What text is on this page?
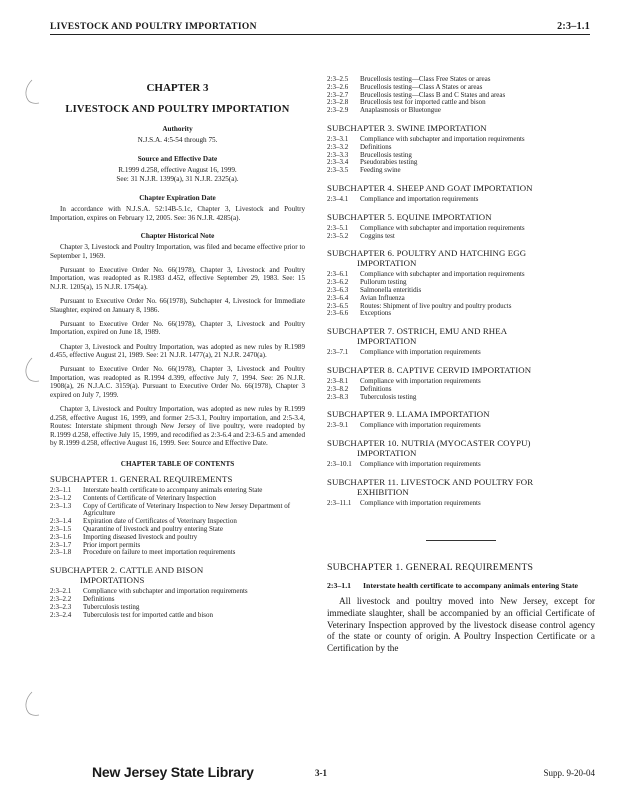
LIVESTOCK AND POULTRY IMPORTATION	2:3–1.1
CHAPTER 3
LIVESTOCK AND POULTRY IMPORTATION
Authority
N.J.S.A. 4:5-54 through 75.
Source and Effective Date
R.1999 d.258, effective August 16, 1999.
See: 31 N.J.R. 1399(a), 31 N.J.R. 2325(a).
Chapter Expiration Date
In accordance with N.J.S.A. 52:14B-5.1c, Chapter 3, Livestock and Poultry Importation, expires on February 12, 2005. See: 36 N.J.R. 4285(a).
Chapter Historical Note
Chapter 3, Livestock and Poultry Importation, was filed and became effective prior to September 1, 1969.
Pursuant to Executive Order No. 66(1978), Chapter 3, Livestock and Poultry Importation, was readopted as R.1983 d.452, effective September 29, 1983. See: 15 N.J.R. 1205(a), 15 N.J.R. 1754(a).
Pursuant to Executive Order No. 66(1978), Subchapter 4, Livestock for Immediate Slaughter, expired on January 8, 1986.
Pursuant to Executive Order No. 66(1978), Chapter 3, Livestock and Poultry Importation, expired on June 18, 1989.
Chapter 3, Livestock and Poultry Importation, was adopted as new rules by R.1989 d.455, effective August 21, 1989. See: 21 N.J.R. 1477(a), 21 N.J.R. 2470(a).
Pursuant to Executive Order No. 66(1978), Chapter 3, Livestock and Poultry Importation, was readopted as R.1994 d.399, effective July 7, 1994. See: 26 N.J.R. 1908(a), 26 N.J.A.C. 3159(a). Pursuant to Executive Order No. 66(1978), Chapter 3 expired on July 7, 1999.
Chapter 3, Livestock and Poultry Importation, was adopted as new rules by R.1999 d.258, effective August 16, 1999, and former 2:5-3.1, Poultry importation, and 2:5-3.4, Routes: Interstate shipment through New Jersey of live poultry, were readopted by R.1999 d.258, effective July 15, 1999, and recodified as 2:3-6.4 and 2:3-6.5 and amended by R.1999 d.258, effective August 16, 1999. See: Source and Effective Date.
CHAPTER TABLE OF CONTENTS
SUBCHAPTER 1. GENERAL REQUIREMENTS
2:3–1.1	Interstate health certificate to accompany animals entering State
2:3–1.2	Contents of Certificate of Veterinary Inspection
2:3–1.3	Copy of Certificate of Veterinary Inspection to New Jersey Department of Agriculture
2:3–1.4	Expiration date of Certificates of Veterinary Inspection
2:3–1.5	Quarantine of livestock and poultry entering State
2:3–1.6	Importing diseased livestock and poultry
2:3–1.7	Prior import permits
2:3–1.8	Procedure on failure to meet importation requirements
SUBCHAPTER 2. CATTLE AND BISON
IMPORTATIONS
2:3–2.1	Compliance with subchapter and importation requirements
2:3–2.2	Definitions
2:3–2.3	Tuberculosis testing
2:3–2.4	Tuberculosis test for imported cattle and bison
2:3–2.5	Brucellosis testing—Class Free States or areas
2:3–2.6	Brucellosis testing—Class A States or areas
2:3–2.7	Brucellosis testing—Class B and C States and areas
2:3–2.8	Brucellosis test for imported cattle and bison
2:3–2.9	Anaplasmosis or Bluetongue
SUBCHAPTER 3. SWINE IMPORTATION
2:3–3.1	Compliance with subchapter and importation requirements
2:3–3.2	Definitions
2:3–3.3	Brucellosis testing
2:3–3.4	Pseudorabies testing
2:3–3.5	Feeding swine
SUBCHAPTER 4. SHEEP AND GOAT IMPORTATION
2:3–4.1	Compliance and importation requirements
SUBCHAPTER 5. EQUINE IMPORTATION
2:3–5.1	Compliance with subchapter and importation requirements
2:3–5.2	Coggins test
SUBCHAPTER 6. POULTRY AND HATCHING EGG
IMPORTATION
2:3–6.1	Compliance with subchapter and importation requirements
2:3–6.2	Pullorum testing
2:3–6.3	Salmonella enteritidis
2:3–6.4	Avian Influenza
2:3–6.5	Routes: Shipment of live poultry and poultry products
2:3–6.6	Exceptions
SUBCHAPTER 7. OSTRICH, EMU AND RHEA
IMPORTATION
2:3–7.1	Compliance with importation requirements
SUBCHAPTER 8. CAPTIVE CERVID IMPORTATION
2:3–8.1	Compliance with importation requirements
2:3–8.2	Definitions
2:3–8.3	Tuberculosis testing
SUBCHAPTER 9. LLAMA IMPORTATION
2:3–9.1	Compliance with importation requirements
SUBCHAPTER 10. NUTRIA (MYOCASTER COYPU)
IMPORTATION
2:3–10.1	Compliance with importation requirements
SUBCHAPTER 11. LIVESTOCK AND POULTRY FOR
EXHIBITION
2:3–11.1	Compliance with importation requirements
SUBCHAPTER 1. GENERAL REQUIREMENTS
2:3–1.1	Interstate health certificate to accompany animals entering State

All livestock and poultry moved into New Jersey, except for immediate slaughter, shall be accompanied by an official Certificate of Veterinary Inspection approved by the livestock disease control agency of the state or county of origin. A Poultry Inspection Certificate or a Certification by the

New Jersey State Library	3-1	Supp. 9-20-04
